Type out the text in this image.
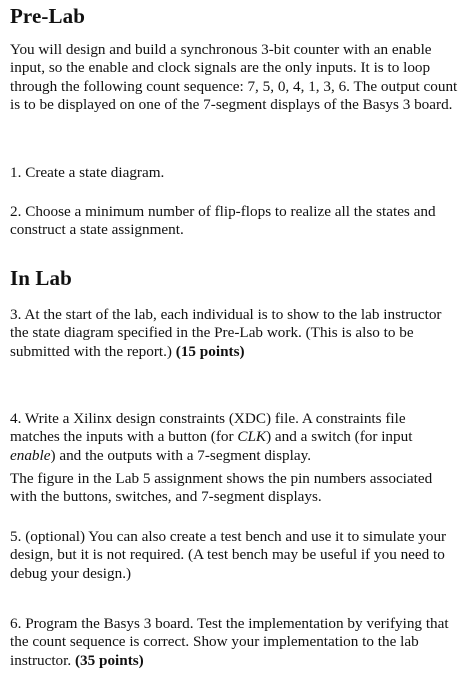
Pre-Lab

You will design and build a synchronous 3-bit counter with an enable input, so the enable and clock signals are the only inputs. It is to loop through the following count sequence: 7, 5, 0, 4, 1, 3, 6. The output count is to be displayed on one of the 7-segment displays of the Basys 3 board.

1. Create a state diagram.

2. Choose a minimum number of flip-flops to realize all the states and construct a state assignment.

In Lab

3. At the start of the lab, each individual is to show to the lab instructor the state diagram specified in the Pre-Lab work. (This is also to be submitted with the report.) (15 points)

4. Write a Xilinx design constraints (XDC) file. A constraints file matches the inputs with a button (for CLK) and a switch (for input enable) and the outputs with a 7-segment display.

The figure in the Lab 5 assignment shows the pin numbers associated with the buttons, switches, and 7-segment displays.

5. (optional) You can also create a test bench and use it to simulate your design, but it is not required. (A test bench may be useful if you need to debug your design.)

6. Program the Basys 3 board. Test the implementation by verifying that the count sequence is correct. Show your implementation to the lab instructor. (35 points)
